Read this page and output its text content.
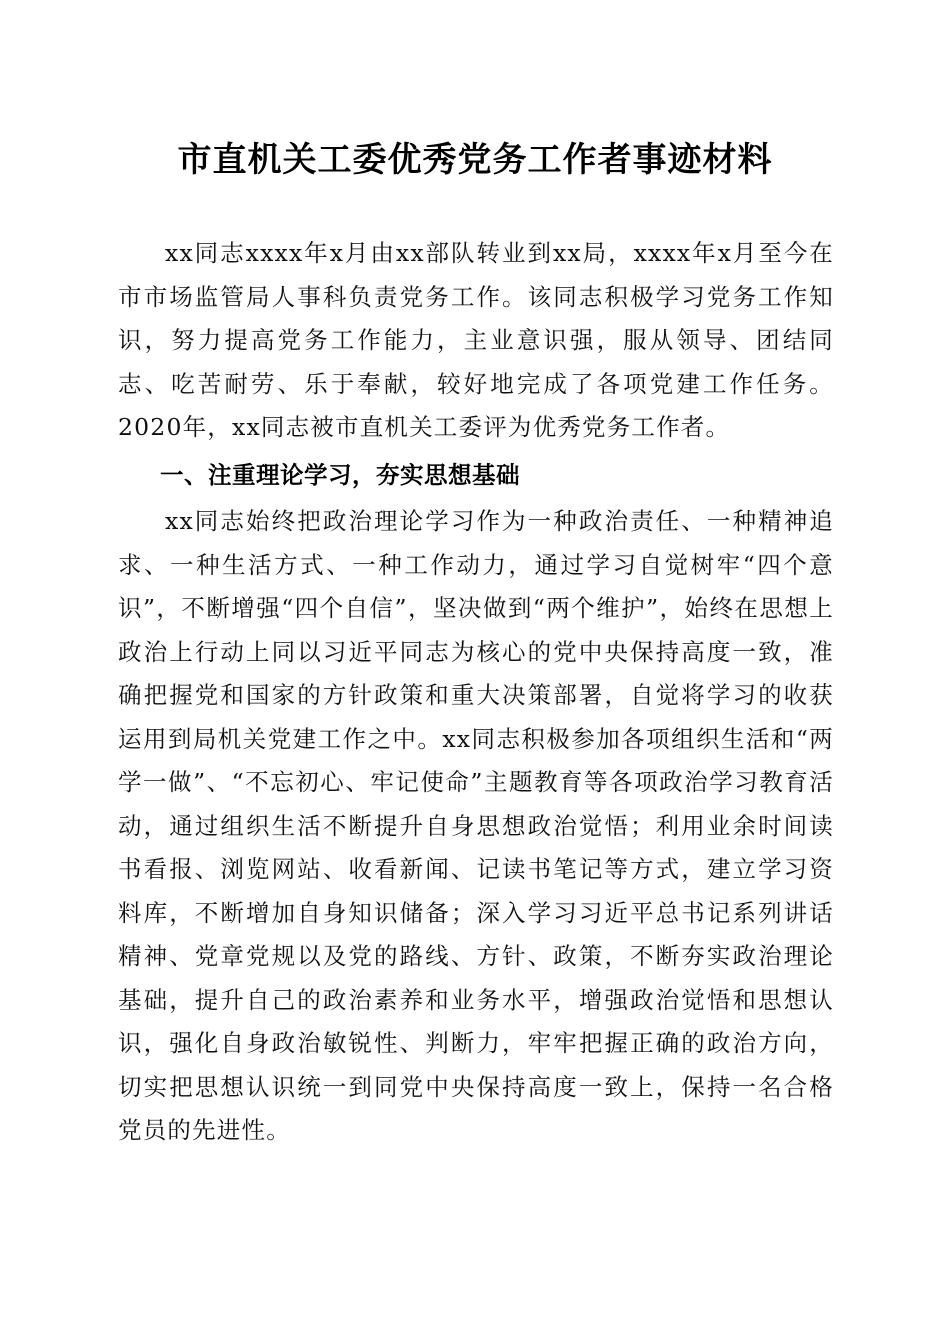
市直机关工委优秀党务工作者事迹材料

xx同志xxxx年x月由xx部队转业到xx局，xxxx年x月至今在市市场监管局人事科负责党务工作。该同志积极学习党务工作知识，努力提高党务工作能力，主业意识强，服从领导、团结同志、吃苦耐劳、乐于奉献，较好地完成了各项党建工作任务。2020年，xx同志被市直机关工委评为优秀党务工作者。

一、注重理论学习，夯实思想基础

xx同志始终把政治理论学习作为一种政治责任、一种精神追求、一种生活方式、一种工作动力，通过学习自觉树牢“四个意识”，不断增强“四个自信”，坚决做到“两个维护”，始终在思想上政治上行动上同以习近平同志为核心的党中央保持高度一致，准确把握党和国家的方针政策和重大决策部署，自觉将学习的收获运用到局机关党建工作之中。xx同志积极参加各项组织生活和“两学一做”、“不忘初心、牢记使命”主题教育等各项政治学习教育活动，通过组织生活不断提升自身思想政治觉悟；利用业余时间读书看报、浏览网站、收看新闻、记读书笔记等方式，建立学习资料库，不断增加自身知识储备；深入学习习近平总书记系列讲话精神、党章党规以及党的路线、方针、政策，不断夯实政治理论基础，提升自己的政治素养和业务水平，增强政治觉悟和思想认识，强化自身政治敏锐性、判断力，牢牢把握正确的政治方向，切实把思想认识统一到同党中央保持高度一致上，保持一名合格党员的先进性。
